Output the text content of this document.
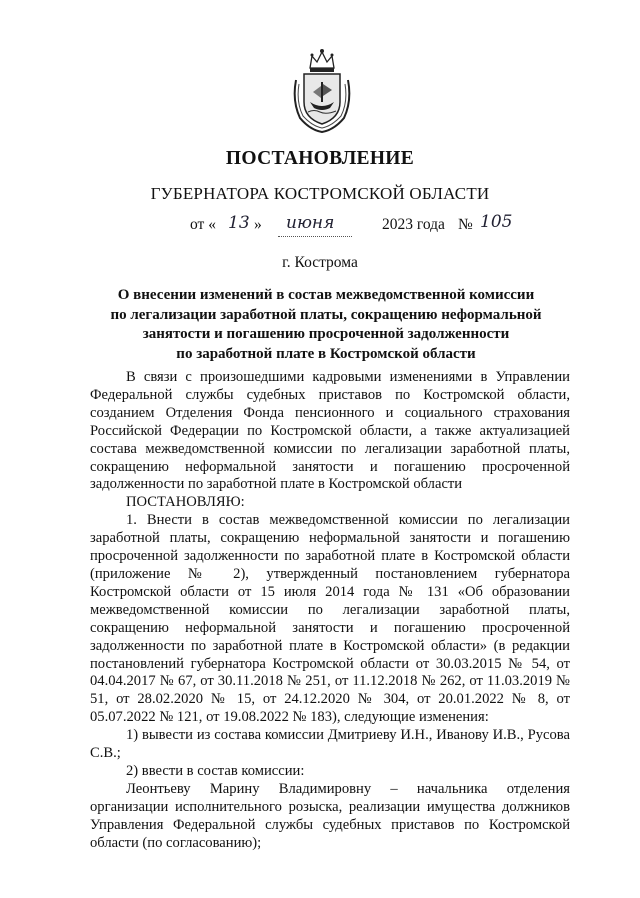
ПОСТАНОВЛЕНИЕ
ГУБЕРНАТОРА КОСТРОМСКОЙ ОБЛАСТИ
от « 13 » июня	2023 года № 105
г. Кострома
О внесении изменений в состав межведомственной комиссии
по легализации заработной платы, сокращению неформальной
занятости и погашению просроченной задолженности
по заработной плате в Костромской области

В связи с произошедшими кадровыми изменениями в Управлении Федеральной службы судебных приставов по Костромской области, созданием Отделения Фонда пенсионного и социального страхования Российской Федерации по Костромской области, а также актуализацией состава межведомственной комиссии по легализации заработной платы, сокращению неформальной занятости и погашению просроченной задолженности по заработной плате в Костромской области

ПОСТАНОВЛЯЮ:

1. Внести в состав межведомственной комиссии по легализации заработной платы, сокращению неформальной занятости и погашению просроченной задолженности по заработной плате в Костромской области (приложение № 2), утвержденный постановлением губернатора Костромской области от 15 июля 2014 года № 131 «Об образовании межведомственной комиссии по легализации заработной платы, сокращению неформальной занятости и погашению просроченной задолженности по заработной плате в Костромской области» (в редакции постановлений губернатора Костромской области от 30.03.2015 № 54, от 04.04.2017 № 67, от 30.11.2018 № 251, от 11.12.2018 № 262, от 11.03.2019 № 51, от 28.02.2020 № 15, от 24.12.2020 № 304, от 20.01.2022 № 8, от 05.07.2022 № 121, от 19.08.2022 № 183), следующие изменения:

1) вывести из состава комиссии Дмитриеву И.Н., Иванову И.В., Русова С.В.;

2) ввести в состав комиссии:

Леонтьеву Марину Владимировну – начальника отделения организации исполнительного розыска, реализации имущества должников Управления Федеральной службы судебных приставов по Костромской области (по согласованию);
